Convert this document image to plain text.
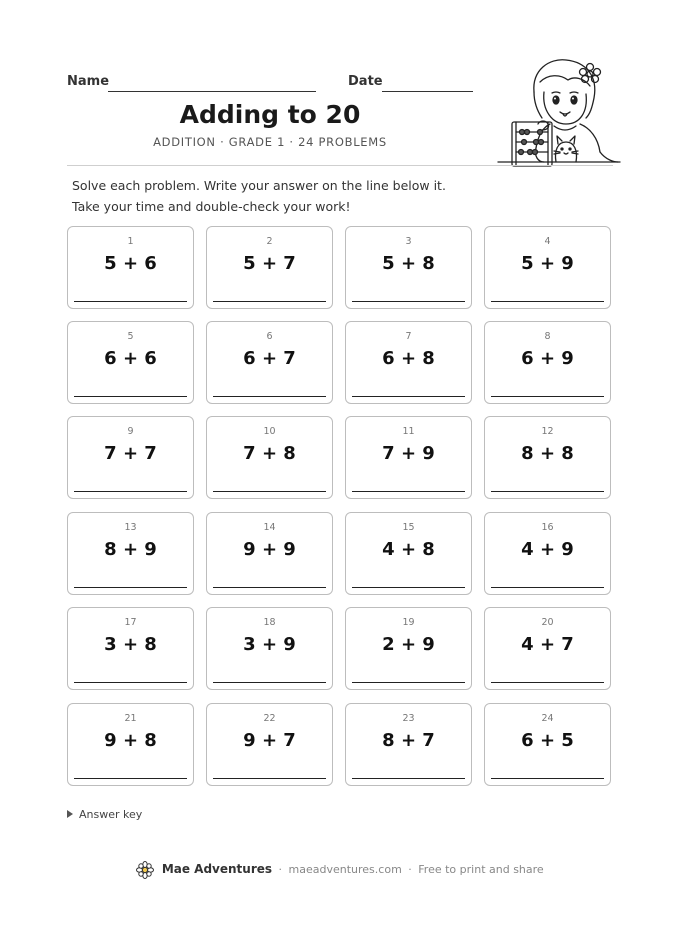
Name	Date
Adding to 20
ADDITION · GRADE 1 · 24 PROBLEMS
Solve each problem. Write your answer on the line below it. Take your time and double-check your work!
1
5 + 6
2
5 + 7
3
5 + 8
4
5 + 9
5
6 + 6
6
6 + 7
7
6 + 8
8
6 + 9
9
7 + 7
10
7 + 8
11
7 + 9
12
8 + 8
13
8 + 9
14
9 + 9
15
4 + 8
16
4 + 9
17
3 + 8
18
3 + 9
19
2 + 9
20
4 + 7
21
9 + 8
22
9 + 7
23
8 + 7
24
6 + 5
Answer key
Mae Adventures · maeadventures.com · Free to print and share
